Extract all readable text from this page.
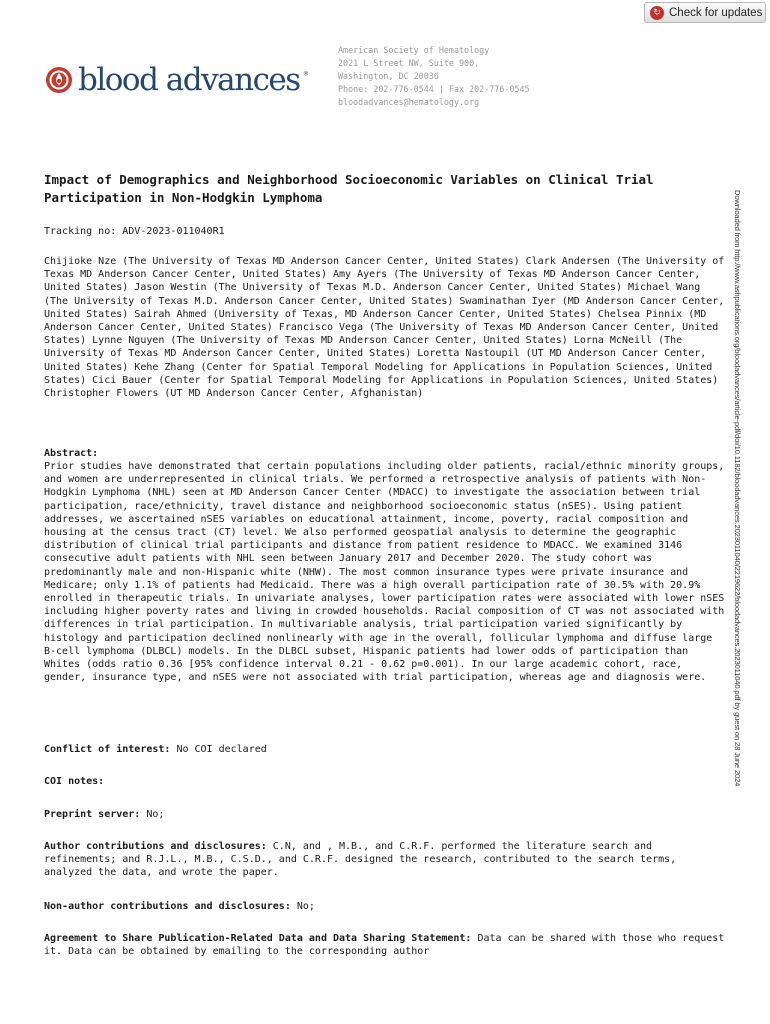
↻ Check for updates
blood advances ®
American Society of Hematology
2021 L Street NW, Suite 900,
Washington, DC 20036
Phone: 202-776-0544 | Fax 202-776-0545
bloodadvances@hematology.org
Downloaded from http://www.ashpublications.org/bloodadvances/article-pdf/doi/10.1182/bloodadvances.2023011040/2219622/bloodadvances.2023011040.pdf by guest on 28 June 2024
Impact of Demographics and Neighborhood Socioeconomic Variables on Clinical Trial Participation in Non-Hodgkin Lymphoma

Tracking no: ADV-2023-011040R1

Chijioke Nze (The University of Texas MD Anderson Cancer Center, United States) Clark Andersen (The University of Texas MD Anderson Cancer Center, United States) Amy Ayers (The University of Texas MD Anderson Cancer Center, United States) Jason Westin (The University of Texas M.D. Anderson Cancer Center, United States) Michael Wang (The University of Texas M.D. Anderson Cancer Center, United States) Swaminathan Iyer (MD Anderson Cancer Center, United States) Sairah Ahmed (University of Texas, MD Anderson Cancer Center, United States) Chelsea Pinnix (MD Anderson Cancer Center, United States) Francisco Vega (The University of Texas MD Anderson Cancer Center, United States) Lynne Nguyen (The University of Texas MD Anderson Cancer Center, United States) Lorna McNeill (The University of Texas MD Anderson Cancer Center, United States) Loretta Nastoupil (UT MD Anderson Cancer Center, United States) Kehe Zhang (Center for Spatial Temporal Modeling for Applications in Population Sciences, United States) Cici Bauer (Center for Spatial Temporal Modeling for Applications in Population Sciences, United States) Christopher Flowers (UT MD Anderson Cancer Center, Afghanistan)

Abstract:

Prior studies have demonstrated that certain populations including older patients, racial/ethnic minority groups, and women are underrepresented in clinical trials. We performed a retrospective analysis of patients with Non-Hodgkin Lymphoma (NHL) seen at MD Anderson Cancer Center (MDACC) to investigate the association between trial participation, race/ethnicity, travel distance and neighborhood socioeconomic status (nSES). Using patient addresses, we ascertained nSES variables on educational attainment, income, poverty, racial composition and housing at the census tract (CT) level. We also performed geospatial analysis to determine the geographic distribution of clinical trial participants and distance from patient residence to MDACC. We examined 3146 consecutive adult patients with NHL seen between January 2017 and December 2020. The study cohort was predominantly male and non-Hispanic white (NHW). The most common insurance types were private insurance and Medicare; only 1.1% of patients had Medicaid. There was a high overall participation rate of 30.5% with 20.9% enrolled in therapeutic trials. In univariate analyses, lower participation rates were associated with lower nSES including higher poverty rates and living in crowded households. Racial composition of CT was not associated with differences in trial participation. In multivariable analysis, trial participation varied significantly by histology and participation declined nonlinearly with age in the overall, follicular lymphoma and diffuse large B-cell lymphoma (DLBCL) models. In the DLBCL subset, Hispanic patients had lower odds of participation than Whites (odds ratio 0.36 [95% confidence interval 0.21 - 0.62 p=0.001). In our large academic cohort, race, gender, insurance type, and nSES were not associated with trial participation, whereas age and diagnosis were.

Conflict of interest: No COI declared

COI notes:

Preprint server: No;

Author contributions and disclosures: C.N, and , M.B., and C.R.F. performed the literature search and refinements; and R.J.L., M.B., C.S.D., and C.R.F. designed the research, contributed to the search terms, analyzed the data, and wrote the paper.

Non-author contributions and disclosures: No;

Agreement to Share Publication-Related Data and Data Sharing Statement: Data can be shared with those who request it. Data can be obtained by emailing to the corresponding author
